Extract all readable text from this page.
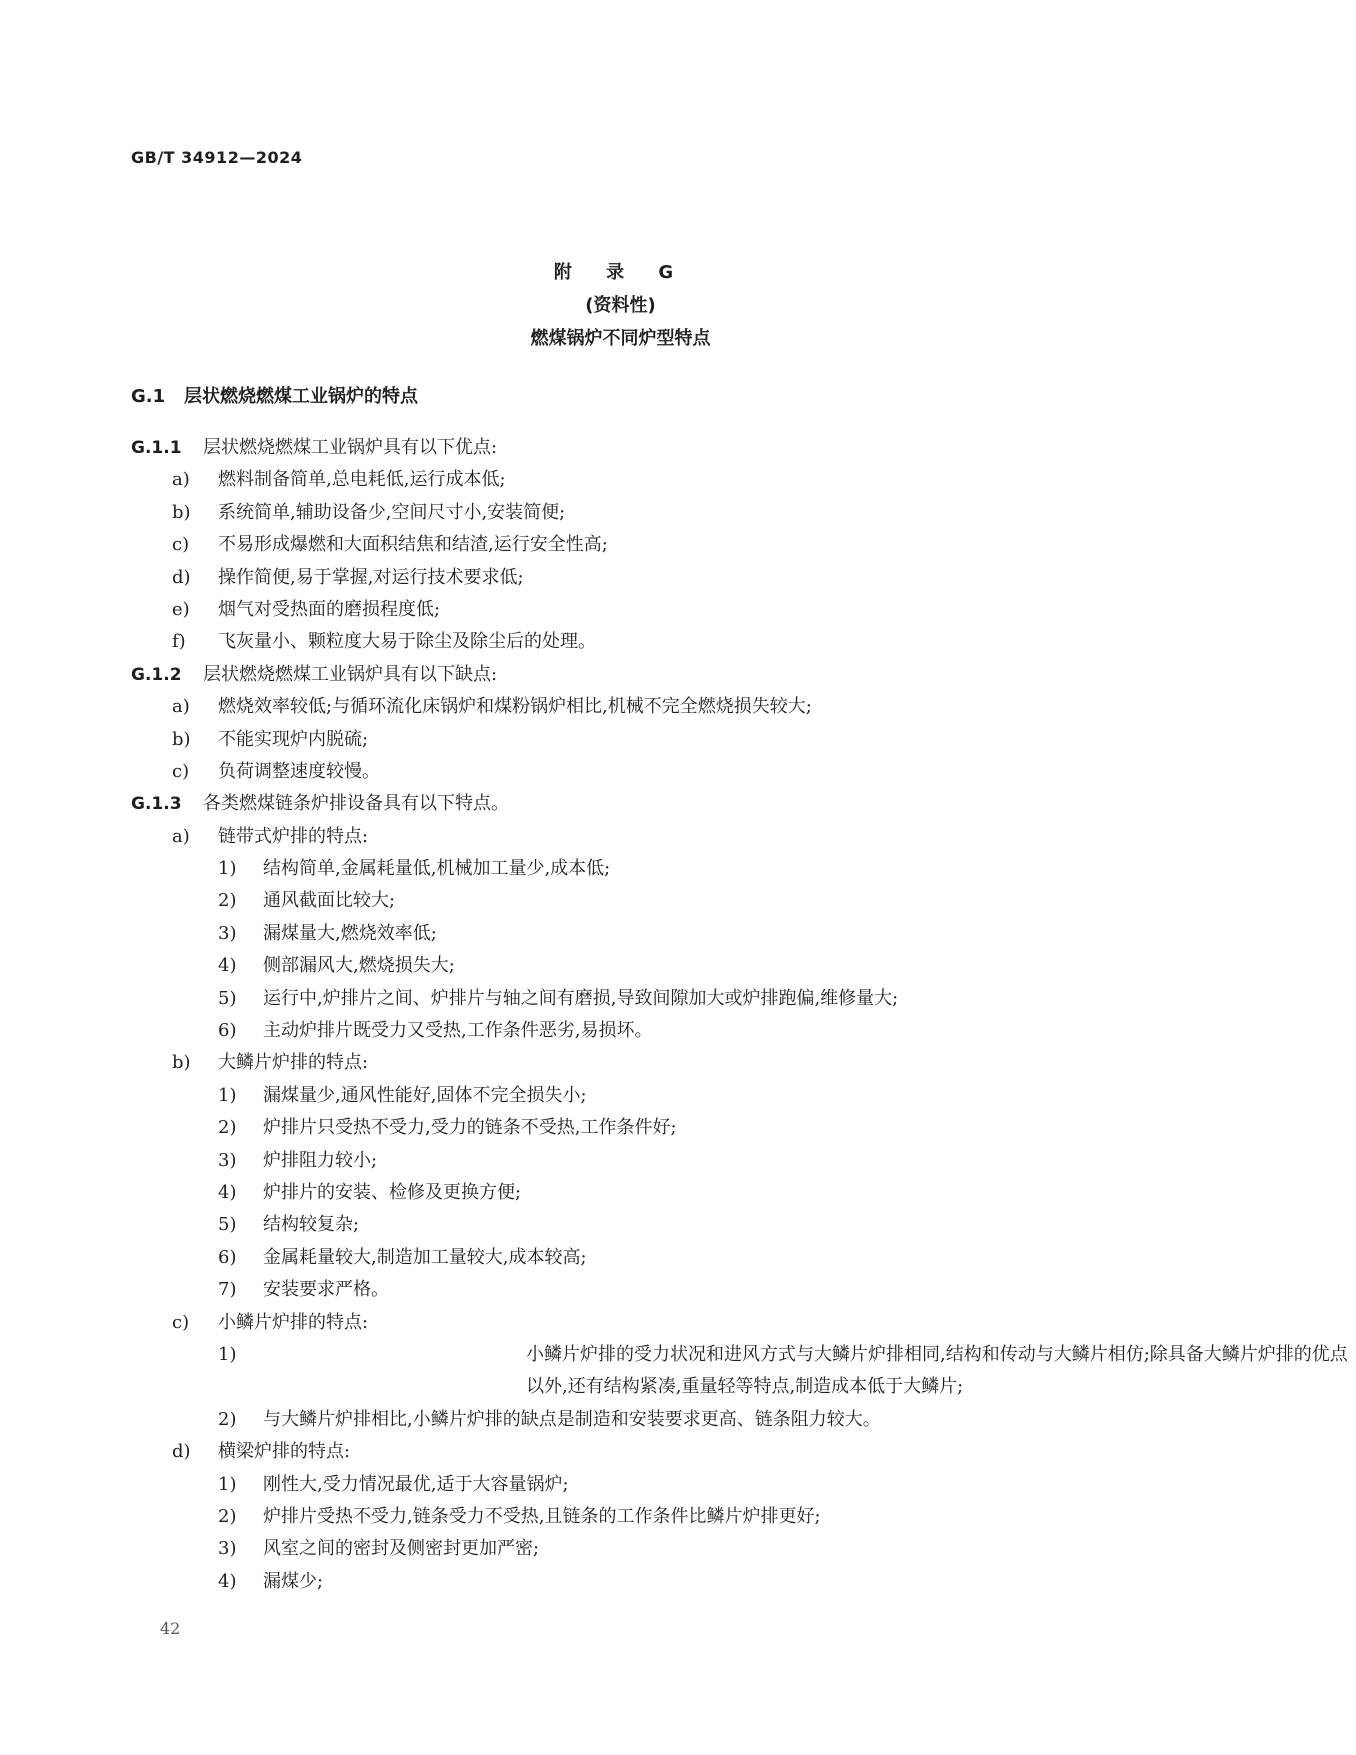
GB/T 34912—2024
附 录 G
(资料性)
燃煤锅炉不同炉型特点
G.1 层状燃烧燃煤工业锅炉的特点
G.1.1 层状燃烧燃煤工业锅炉具有以下优点:
a) 燃料制备简单,总电耗低,运行成本低;
b) 系统简单,辅助设备少,空间尺寸小,安装简便;
c) 不易形成爆燃和大面积结焦和结渣,运行安全性高;
d) 操作简便,易于掌握,对运行技术要求低;
e) 烟气对受热面的磨损程度低;
f) 飞灰量小、颗粒度大易于除尘及除尘后的处理。
G.1.2 层状燃烧燃煤工业锅炉具有以下缺点:
a) 燃烧效率较低;与循环流化床锅炉和煤粉锅炉相比,机械不完全燃烧损失较大;
b) 不能实现炉内脱硫;
c) 负荷调整速度较慢。
G.1.3 各类燃煤链条炉排设备具有以下特点。
a) 链带式炉排的特点:
1) 结构简单,金属耗量低,机械加工量少,成本低;
2) 通风截面比较大;
3) 漏煤量大,燃烧效率低;
4) 侧部漏风大,燃烧损失大;
5) 运行中,炉排片之间、炉排片与轴之间有磨损,导致间隙加大或炉排跑偏,维修量大;
6) 主动炉排片既受力又受热,工作条件恶劣,易损坏。
b) 大鳞片炉排的特点:
1) 漏煤量少,通风性能好,固体不完全损失小;
2) 炉排片只受热不受力,受力的链条不受热,工作条件好;
3) 炉排阻力较小;
4) 炉排片的安装、检修及更换方便;
5) 结构较复杂;
6) 金属耗量较大,制造加工量较大,成本较高;
7) 安装要求严格。
c) 小鳞片炉排的特点:
1)	小鳞片炉排的受力状况和进风方式与大鳞片炉排相同,结构和传动与大鳞片相仿;除具备大鳞片炉排的优点以外,还有结构紧凑,重量轻等特点,制造成本低于大鳞片;
2) 与大鳞片炉排相比,小鳞片炉排的缺点是制造和安装要求更高、链条阻力较大。
d) 横梁炉排的特点:
1) 刚性大,受力情况最优,适于大容量锅炉;
2) 炉排片受热不受力,链条受力不受热,且链条的工作条件比鳞片炉排更好;
3) 风室之间的密封及侧密封更加严密;
4) 漏煤少;
42
